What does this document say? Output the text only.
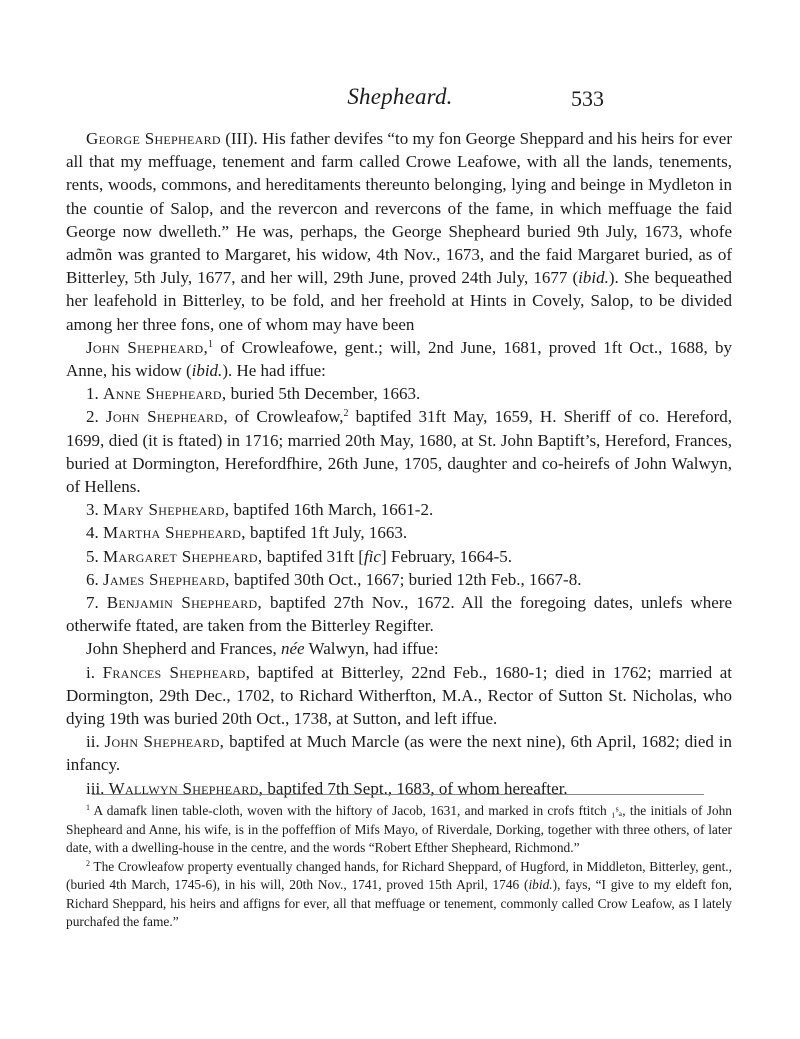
Shepheard.	533

George Shepheard (III). His father devifes “to my fon George Sheppard and his heirs for ever all that my meffuage, tenement and farm called Crowe Leafowe, with all the lands, tenements, rents, woods, commons, and hereditaments thereunto belonging, lying and beinge in Mydleton in the countie of Salop, and the revercon and revercons of the fame, in which meffuage the faid George now dwelleth.” He was, perhaps, the George Shepheard buried 9th July, 1673, whofe admõn was granted to Margaret, his widow, 4th Nov., 1673, and the faid Margaret buried, as of Bitterley, 5th July, 1677, and her will, 29th June, proved 24th July, 1677 (ibid.). She bequeathed her leafehold in Bitterley, to be fold, and her freehold at Hints in Covely, Salop, to be divided among her three fons, one of whom may have been

John Shepheard,$^1$ of Crowleafowe, gent.; will, 2nd June, 1681, proved 1ft Oct., 1688, by Anne, his widow (ibid.). He had iffue:

1. Anne Shepheard, buried 5th December, 1663.

2. John Shepheard, of Crowleafow,$^2$ baptifed 31ft May, 1659, H. Sheriff of co. Hereford, 1699, died (it is ftated) in 1716; married 20th May, 1680, at St. John Baptift’s, Hereford, Frances, buried at Dormington, Herefordfhire, 26th June, 1705, daughter and co-heirefs of John Walwyn, of Hellens.

3. Mary Shepheard, baptifed 16th March, 1661-2.

4. Martha Shepheard, baptifed 1ft July, 1663.

5. Margaret Shepheard, baptifed 31ft [fic] February, 1664-5.

6. James Shepheard, baptifed 30th Oct., 1667; buried 12th Feb., 1667-8.

7. Benjamin Shepheard, baptifed 27th Nov., 1672. All the foregoing dates, unlefs where otherwife ftated, are taken from the Bitterley Regifter.

John Shepherd and Frances, née Walwyn, had iffue:

i. Frances Shepheard, baptifed at Bitterley, 22nd Feb., 1680-1; died in 1762; married at Dormington, 29th Dec., 1702, to Richard Witherfton, M.A., Rector of Sutton St. Nicholas, who dying 19th was buried 20th Oct., 1738, at Sutton, and left iffue.

ii. John Shepheard, baptifed at Much Marcle (as were the next nine), 6th April, 1682; died in infancy.

iii. Wallwyn Shepheard, baptifed 7th Sept., 1683, of whom hereafter.

$^1$ A damafk linen table-cloth, woven with the hiftory of Jacob, 1631, and marked in crofs ftitch ₁ˢₐ, the initials of John Shepheard and Anne, his wife, is in the poffeffion of Mifs Mayo, of Riverdale, Dorking, together with three others, of later date, with a dwelling-house in the centre, and the words “Robert Efther Shepheard, Richmond.”

$^2$ The Crowleafow property eventually changed hands, for Richard Sheppard, of Hugford, in Middleton, Bitterley, gent., (buried 4th March, 1745-6), in his will, 20th Nov., 1741, proved 15th April, 1746 (ibid.), fays, “I give to my eldeft fon, Richard Sheppard, his heirs and affigns for ever, all that meffuage or tenement, commonly called Crow Leafow, as I lately purchafed the fame.”
